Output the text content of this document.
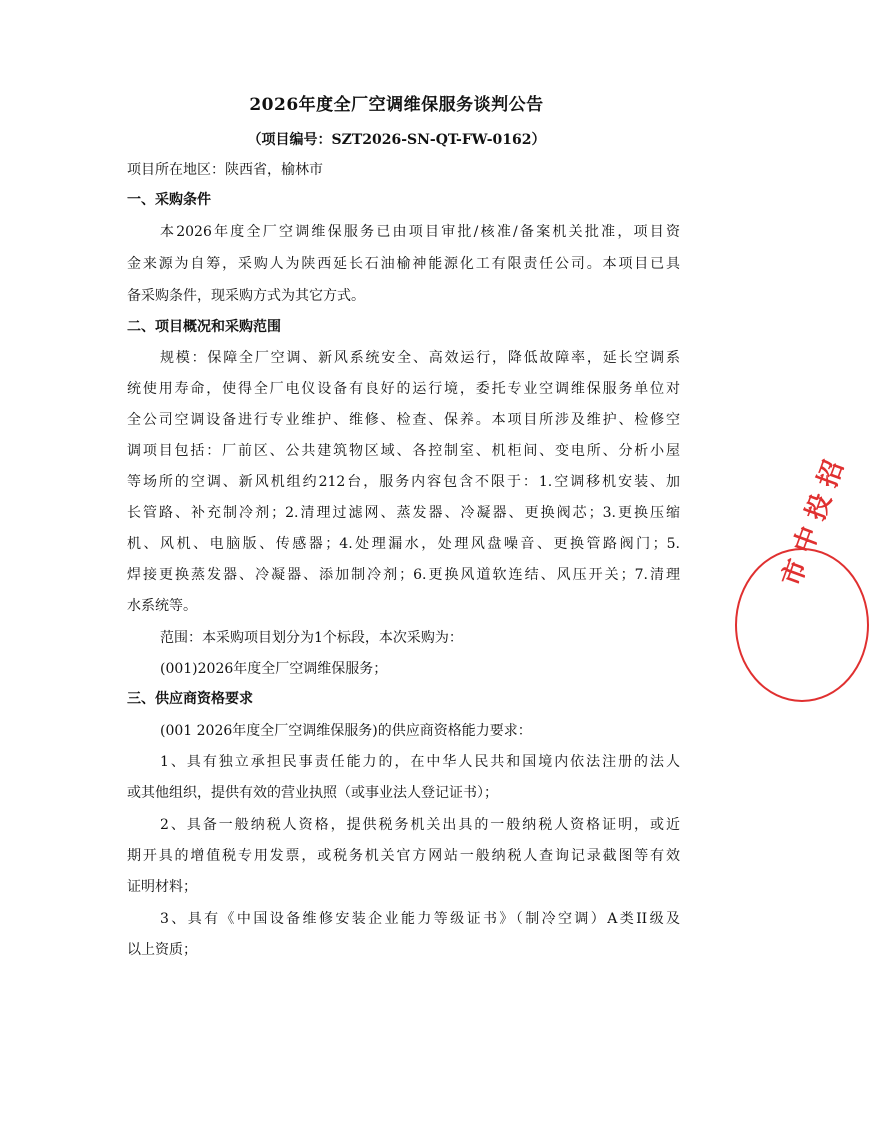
2026年度全厂空调维保服务谈判公告
（项目编号：SZT2026-SN-QT-FW-0162）
项目所在地区：陕西省，榆林市
一、采购条件
本2026年度全厂空调维保服务已由项目审批/核准/备案机关批准，项目资
金来源为自筹，采购人为陕西延长石油榆神能源化工有限责任公司。本项目已具
备采购条件，现采购方式为其它方式。
二、项目概况和采购范围
规模：保障全厂空调、新风系统安全、高效运行，降低故障率，延长空调系
统使用寿命，使得全厂电仪设备有良好的运行境，委托专业空调维保服务单位对
全公司空调设备进行专业维护、维修、检查、保养。本项目所涉及维护、检修空
调项目包括：厂前区、公共建筑物区域、各控制室、机柜间、变电所、分析小屋
等场所的空调、新风机组约212台，服务内容包含不限于：1.空调移机安装、加
长管路、补充制冷剂；2.清理过滤网、蒸发器、冷凝器、更换阀芯；3.更换压缩
机、风机、电脑版、传感器；4.处理漏水，处理风盘噪音、更换管路阀门；5.
焊接更换蒸发器、冷凝器、添加制冷剂；6.更换风道软连结、风压开关；7.清理
水系统等。
范围：本采购项目划分为1个标段，本次采购为：
(001)2026年度全厂空调维保服务；
三、供应商资格要求
(001 2026年度全厂空调维保服务)的供应商资格能力要求：
1、具有独立承担民事责任能力的，在中华人民共和国境内依法注册的法人
或其他组织，提供有效的营业执照（或事业法人登记证书）；
2、具备一般纳税人资格，提供税务机关出具的一般纳税人资格证明，或近
期开具的增值税专用发票，或税务机关官方网站一般纳税人查询记录截图等有效
证明材料；
3、具有《中国设备维修安装企业能力等级证书》（制冷空调）A类II级及
以上资质；
市 中 投 招
